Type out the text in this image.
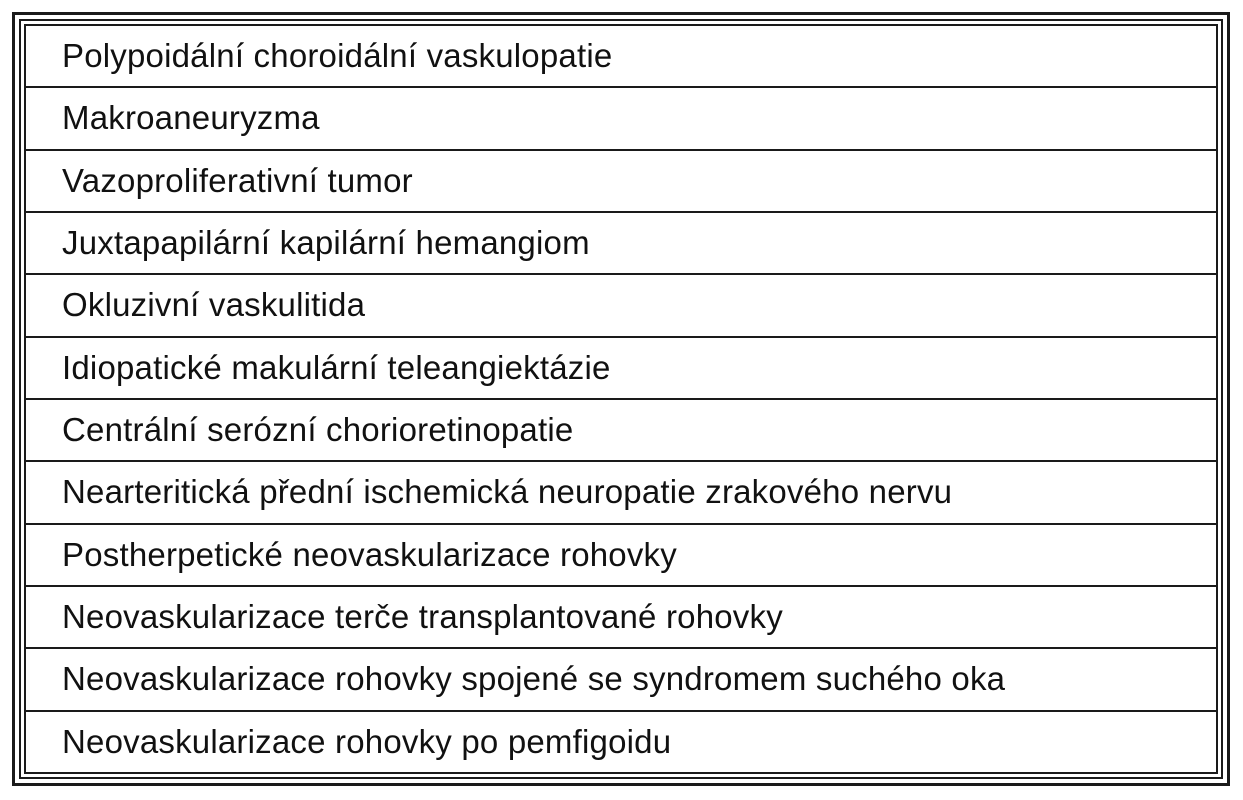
Polypoidální choroidální vaskulopatie
Makroaneuryzma
Vazoproliferativní tumor
Juxtapapilární kapilární hemangiom
Okluzivní vaskulitida
Idiopatické makulární teleangiektázie
Centrální serózní chorioretinopatie
Nearteritická přední ischemická neuropatie zrakového nervu
Postherpetické neovaskularizace rohovky
Neovaskularizace terče transplantované rohovky
Neovaskularizace rohovky spojené se syndromem suchého oka
Neovaskularizace rohovky po pemfigoidu
